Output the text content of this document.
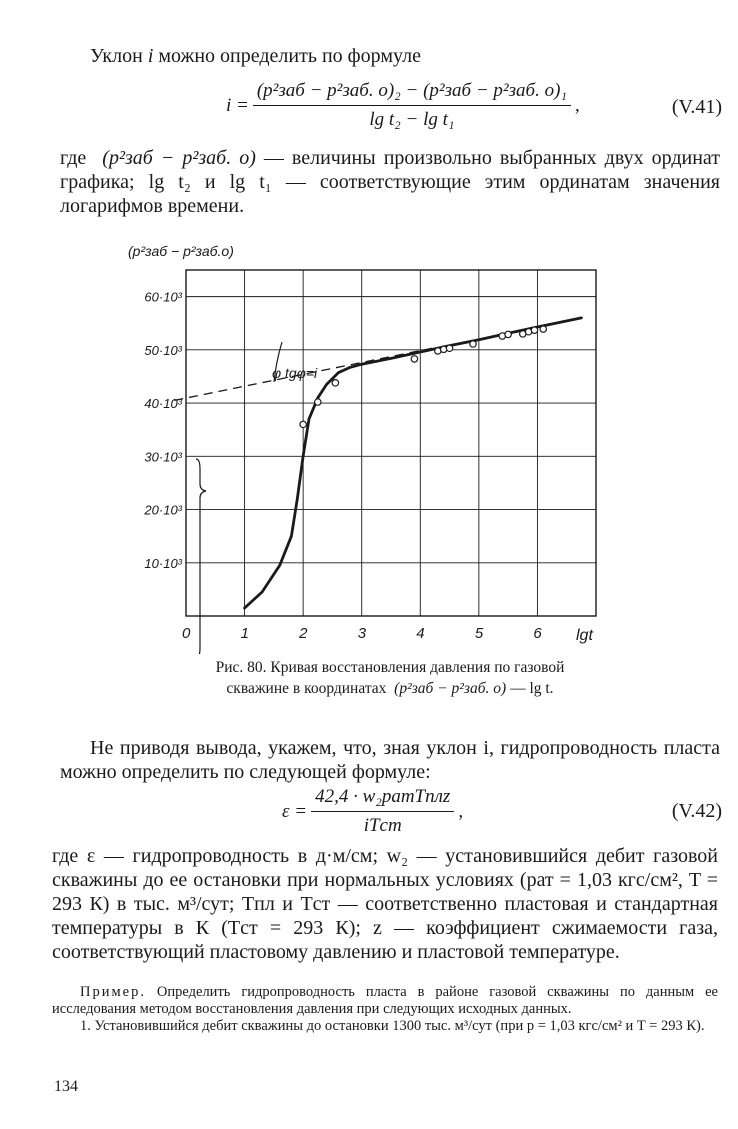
Уклон i можно определить по формуле
$i = \frac{\text{(p²заб − p²заб. о)₂ − (p²заб − p²заб. о)₁}}{\text{lg t₂ − lg t₁}}$ ,	(V.41)
где (p²заб − p²заб. о) — величины произвольно выбранных двух ординат графика; lg t₂ и lg t₁ — соответствующие этим ординатам значения логарифмов времени.
0	1	2	3	4	5	6
10·10³
20·10³
30·10³
40·10³
50·10³
60·10³
(p²заб − p²заб.о)
lgt
φ tgφ=i
Рис. 80. Кривая восстановления давления по газовой
скважине в координатах (p²заб − p²заб. о) — lg t.
Не приводя вывода, укажем, что, зная уклон i, гидропроводность пласта можно определить по следующей формуле:
$\varepsilon = \frac{\text{42,4 · w₂pатTплz}}{\text{iTст}}$ ,	(V.42)
где ε — гидропроводность в д·м/см; w₂ — установившийся дебит газовой скважины до ее остановки при нормальных условиях (pат = 1,03 кгс/см², T = 293 К) в тыс. м³/сут; Tпл и Tст — соответственно пластовая и стандартная температуры в К (Tст = 293 К); z — коэффициент сжимаемости газа, соответствующий пластовому давлению и пластовой температуре.
Пример. Определить гидропроводность пласта в районе газовой скважины по данным ее исследования методом восстановления давления при следующих исходных данных.
1. Установившийся дебит скважины до остановки 1300 тыс. м³/сут (при p = 1,03 кгс/см² и T = 293 К).
134
